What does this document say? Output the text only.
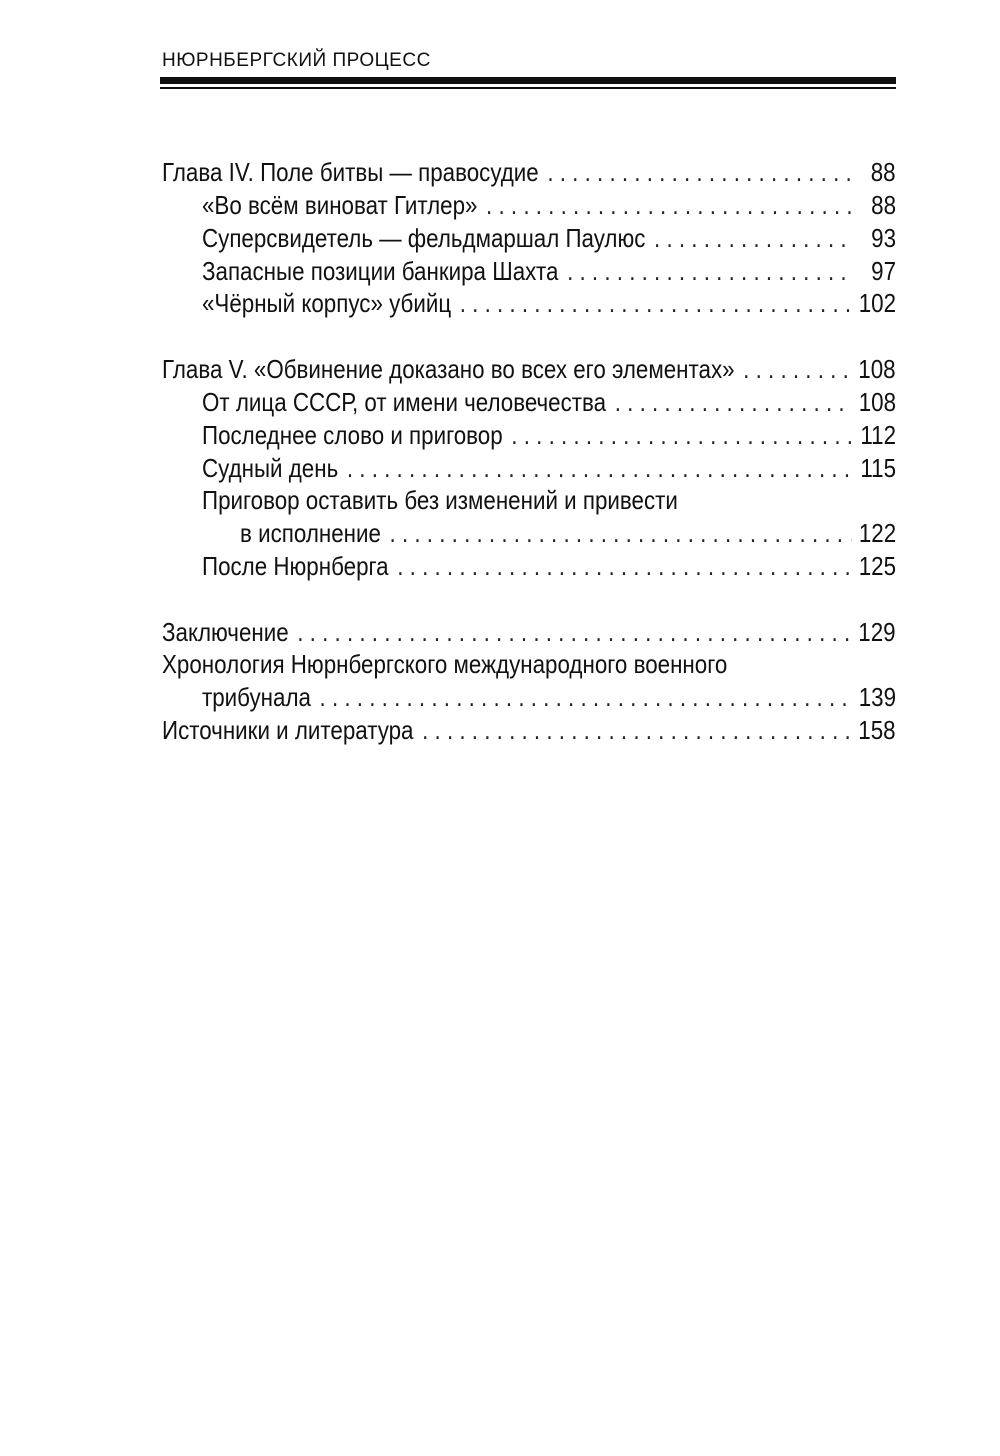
НЮРНБЕРГСКИЙ ПРОЦЕСС
Глава IV. Поле битвы — правосудие . . .	88
«Во всём виноват Гитлер» . . .	88
Суперсвидетель — фельдмаршал Паулюс . . .	93
Запасные позиции банкира Шахта . . .	97
«Чёрный корпус» убийц . . .	102
Глава V. «Обвинение доказано во всех его элементах» . . .	108
От лица СССР, от имени человечества . . .	108
Последнее слово и приговор . . .	112
Судный день . . .	115
Приговор оставить без изменений и привести
в исполнение . . .	122
После Нюрнберга . . .	125
Заключение . . .	129
Хронология Нюрнбергского международного военного
трибунала . . .	139
Источники и литература . . .	158
